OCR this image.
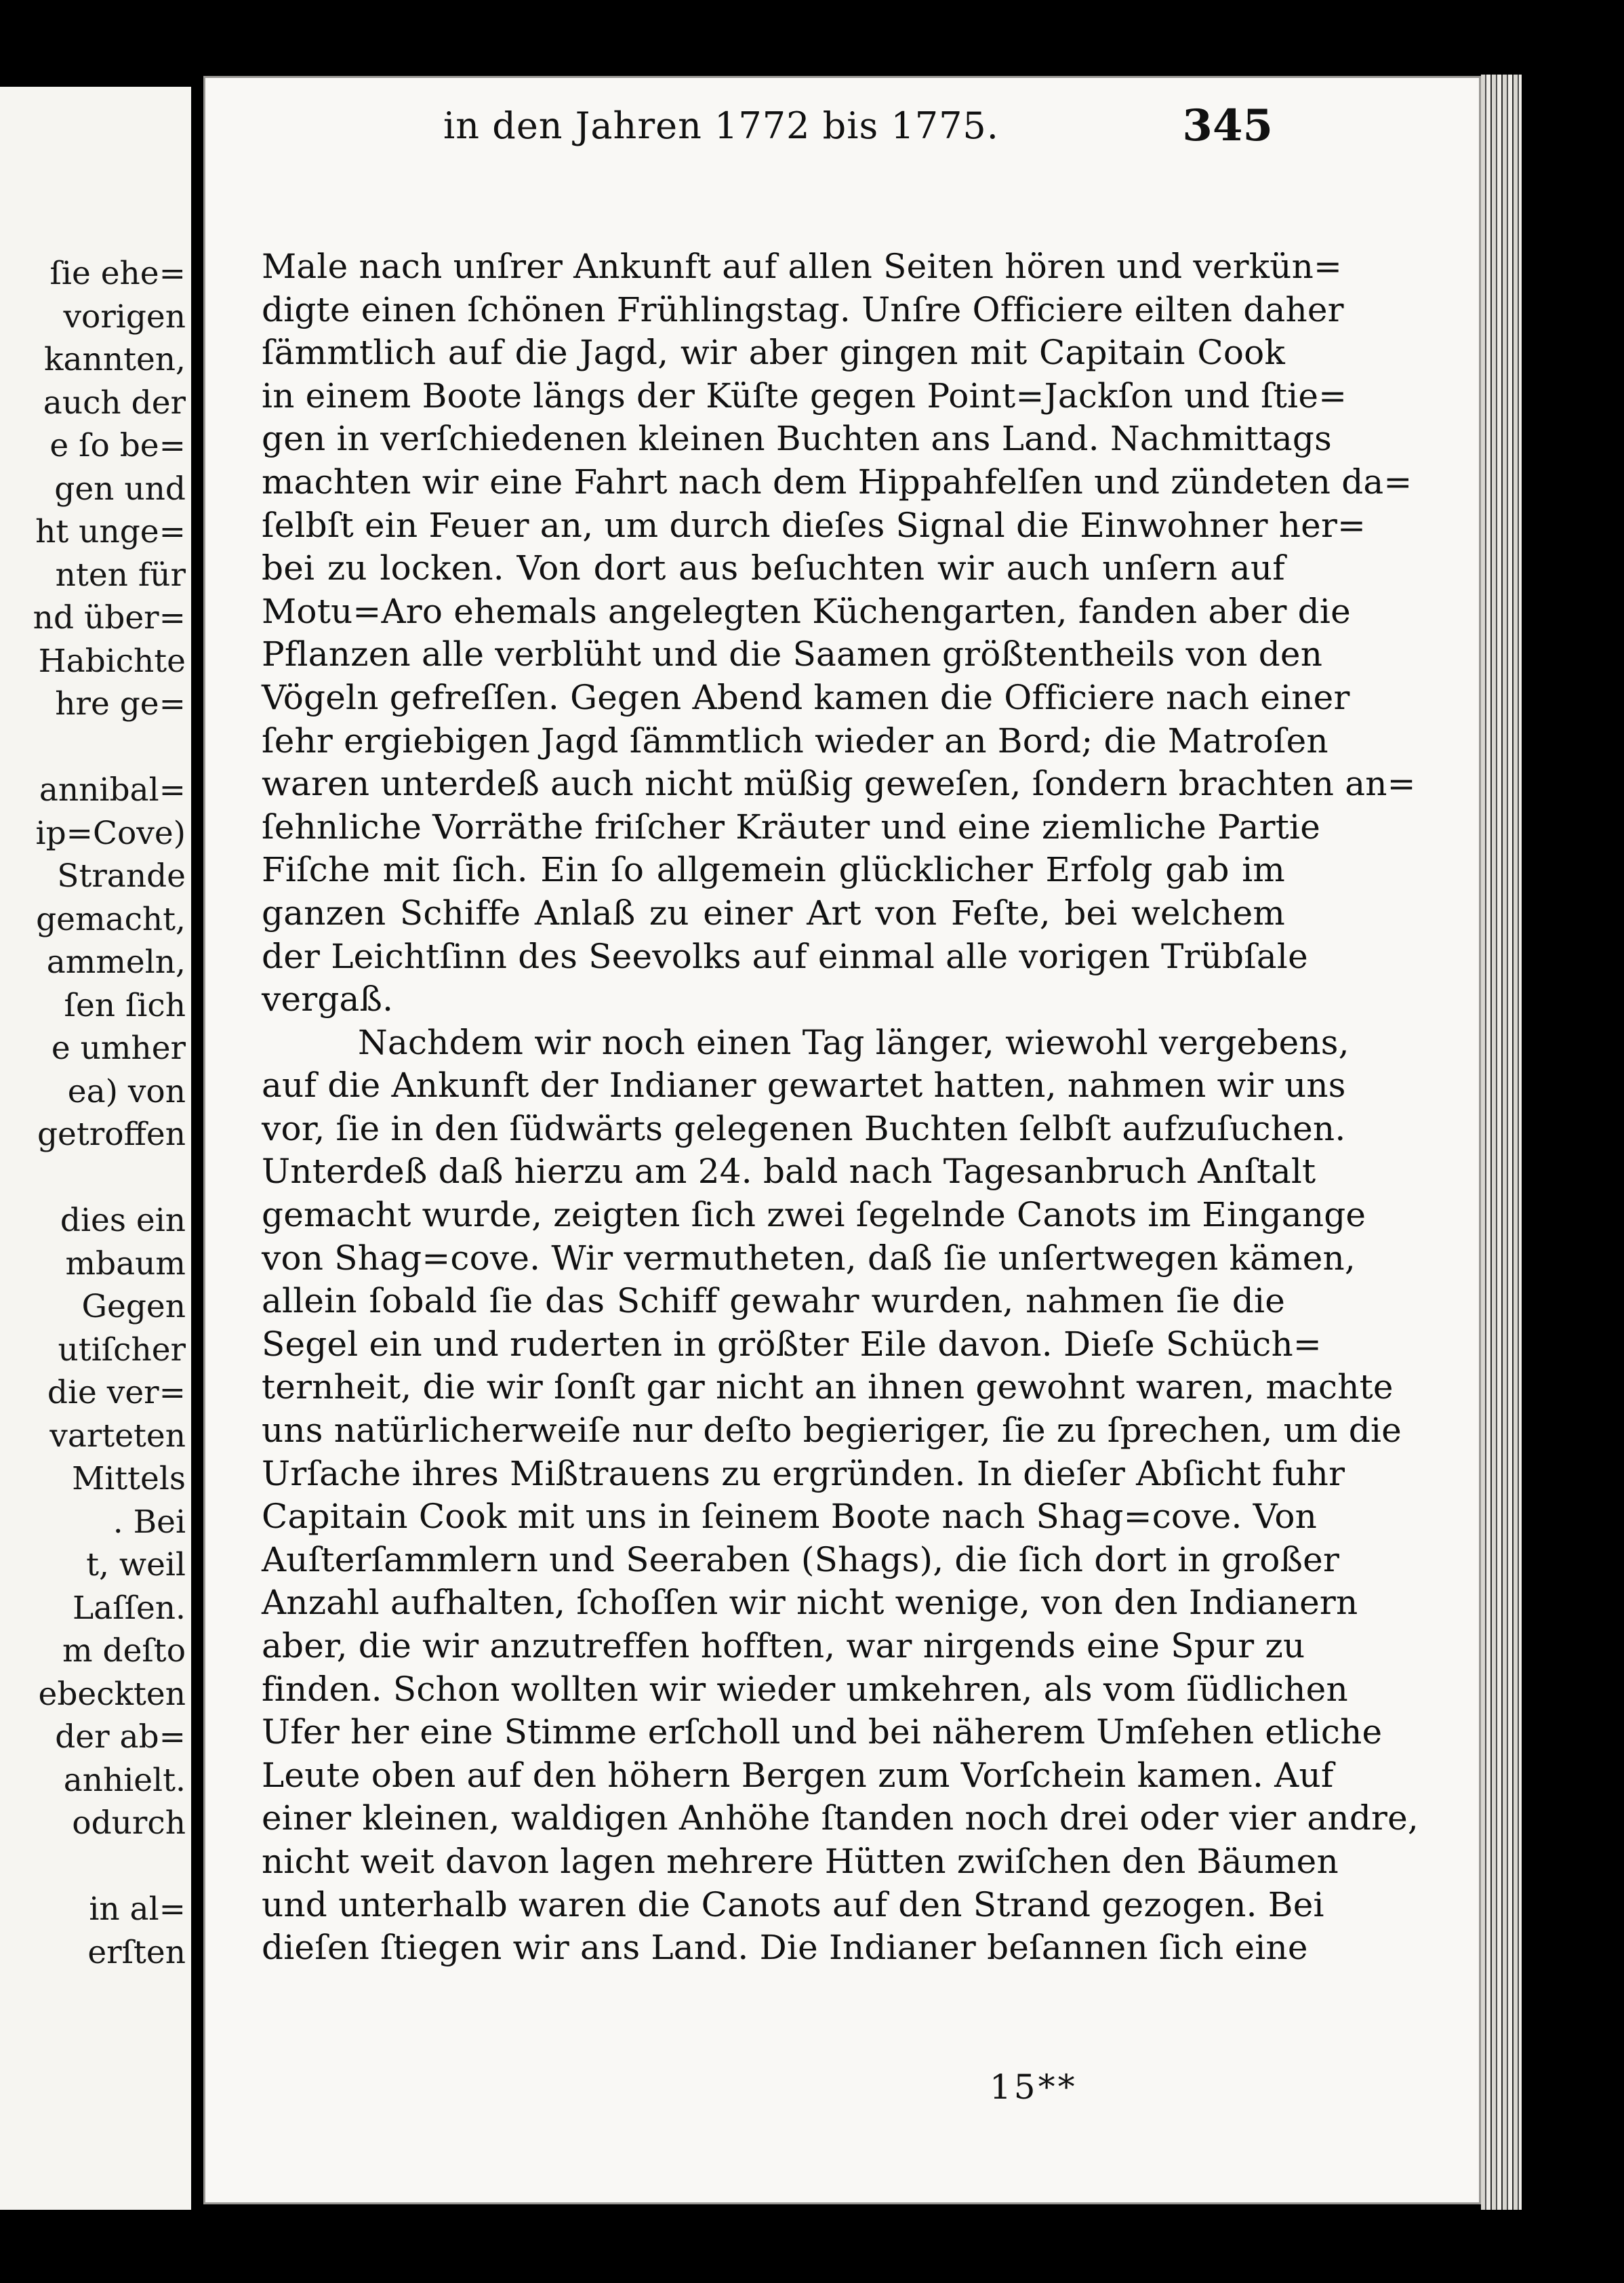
ſie ehe=
vorigen
kannten,
auch der
e ſo be=
gen und
ht unge=
nten für
nd über=
Habichte
hre ge=

annibal=
ip=Cove)
Strande
gemacht,
ammeln,
ſen ſich
e umher
ea) von
getroffen

dies ein
mbaum
Gegen
utiſcher
die ver=
varteten
Mittels
. Bei
t, weil
Laſſen.
m deſto
ebeckten
der ab=
anhielt.
odurch

in al=
erſten
in den Jahren 1772 bis 1775.	345
Male nach unſrer Ankunft auf allen Seiten hören und verkün=
digte einen ſchönen Frühlingstag. Unſre Officiere eilten daher
ſämmtlich auf die Jagd, wir aber gingen mit Capitain Cook
in einem Boote längs der Küſte gegen Point=Jackſon und ſtie=
gen in verſchiedenen kleinen Buchten ans Land. Nachmittags
machten wir eine Fahrt nach dem Hippahfelſen und zündeten da=
ſelbſt ein Feuer an, um durch dieſes Signal die Einwohner her=
bei zu locken. Von dort aus beſuchten wir auch unſern auf
Motu=Aro ehemals angelegten Küchengarten, fanden aber die
Pflanzen alle verblüht und die Saamen größtentheils von den
Vögeln gefreſſen. Gegen Abend kamen die Officiere nach einer
ſehr ergiebigen Jagd ſämmtlich wieder an Bord; die Matroſen
waren unterdeß auch nicht müßig geweſen, ſondern brachten an=
ſehnliche Vorräthe friſcher Kräuter und eine ziemliche Partie
Fiſche mit ſich. Ein ſo allgemein glücklicher Erfolg gab im
ganzen Schiffe Anlaß zu einer Art von Feſte, bei welchem
der Leichtſinn des Seevolks auf einmal alle vorigen Trübſale
vergaß.
Nachdem wir noch einen Tag länger, wiewohl vergebens,
auf die Ankunft der Indianer gewartet hatten, nahmen wir uns
vor, ſie in den ſüdwärts gelegenen Buchten ſelbſt aufzuſuchen.
Unterdeß daß hierzu am 24. bald nach Tagesanbruch Anſtalt
gemacht wurde, zeigten ſich zwei ſegelnde Canots im Eingange
von Shag=cove. Wir vermutheten, daß ſie unſertwegen kämen,
allein ſobald ſie das Schiff gewahr wurden, nahmen ſie die
Segel ein und ruderten in größter Eile davon. Dieſe Schüch=
ternheit, die wir ſonſt gar nicht an ihnen gewohnt waren, machte
uns natürlicherweiſe nur deſto begieriger, ſie zu ſprechen, um die
Urſache ihres Mißtrauens zu ergründen. In dieſer Abſicht fuhr
Capitain Cook mit uns in ſeinem Boote nach Shag=cove. Von
Auſterſammlern und Seeraben (Shags), die ſich dort in großer
Anzahl aufhalten, ſchoſſen wir nicht wenige, von den Indianern
aber, die wir anzutreffen hofften, war nirgends eine Spur zu
finden. Schon wollten wir wieder umkehren, als vom ſüdlichen
Ufer her eine Stimme erſcholl und bei näherem Umſehen etliche
Leute oben auf den höhern Bergen zum Vorſchein kamen. Auf
einer kleinen, waldigen Anhöhe ſtanden noch drei oder vier andre,
nicht weit davon lagen mehrere Hütten zwiſchen den Bäumen
und unterhalb waren die Canots auf den Strand gezogen. Bei
dieſen ſtiegen wir ans Land. Die Indianer beſannen ſich eine
15**
